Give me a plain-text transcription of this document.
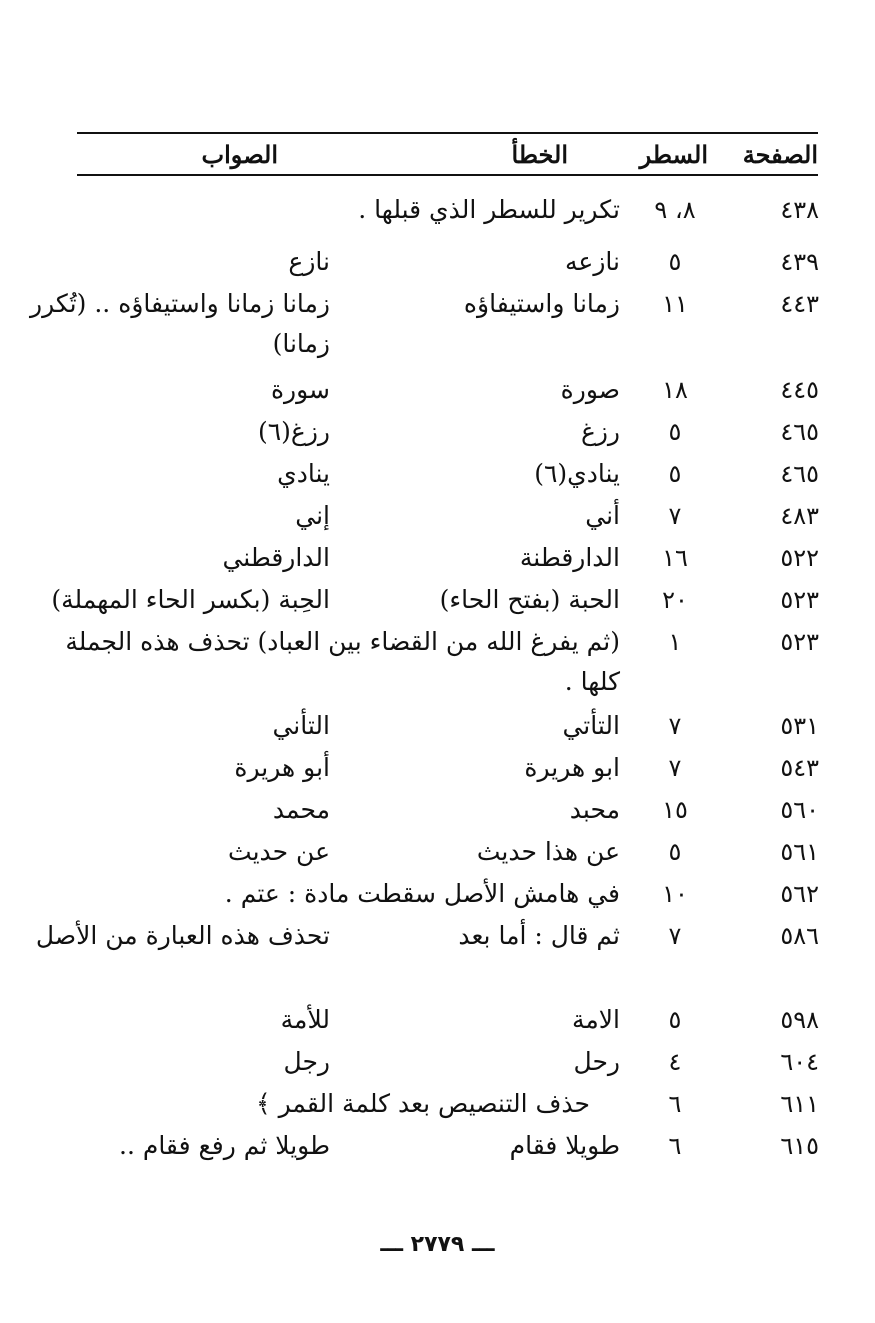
الصفحة
السطر
الخطأ
الصواب
٤٣٨
٨، ٩
تكرير للسطر الذي قبلها .
٤٣٩
٥
نازعه
نازع
٤٤٣
١١
زمانا واستيفاؤه
زمانا زمانا واستيفاؤه .. (تُكرر زمانا)
٤٤٥
١٨
صورة
سورة
٤٦٥
٥
رزغ
رزغ(٦)
٤٦٥
٥
ينادي(٦)
ينادي
٤٨٣
٧
أني
إني
٥٢٢
١٦
الدارقطنة
الدارقطني
٥٢٣
٢٠
الحبة (بفتح الحاء)
الحِبة (بكسر الحاء المهملة)
٥٢٣
١
(ثم يفرغ الله من القضاء بين العباد) تحذف هذه الجملة كلها .
٥٣١
٧
التأتي
التأني
٥٤٣
٧
ابو هريرة
أبو هريرة
٥٦٠
١٥
محبد
محمد
٥٦١
٥
عن هذا حديث
عن حديث
٥٦٢
١٠
في هامش الأصل سقطت مادة : عتم .
٥٨٦
٧
ثم قال : أما بعد
تحذف هذه العبارة من الأصل
٥٩٨
٥
الامة
للأمة
٦٠٤
٤
رحل
رجل
٦١١
٦
حذف التنصيص بعد كلمة القمر ﴾
٦١٥
٦
طويلا فقام
طويلا ثم رفع فقام ..
ـــ ٢٧٧٩ ـــ
